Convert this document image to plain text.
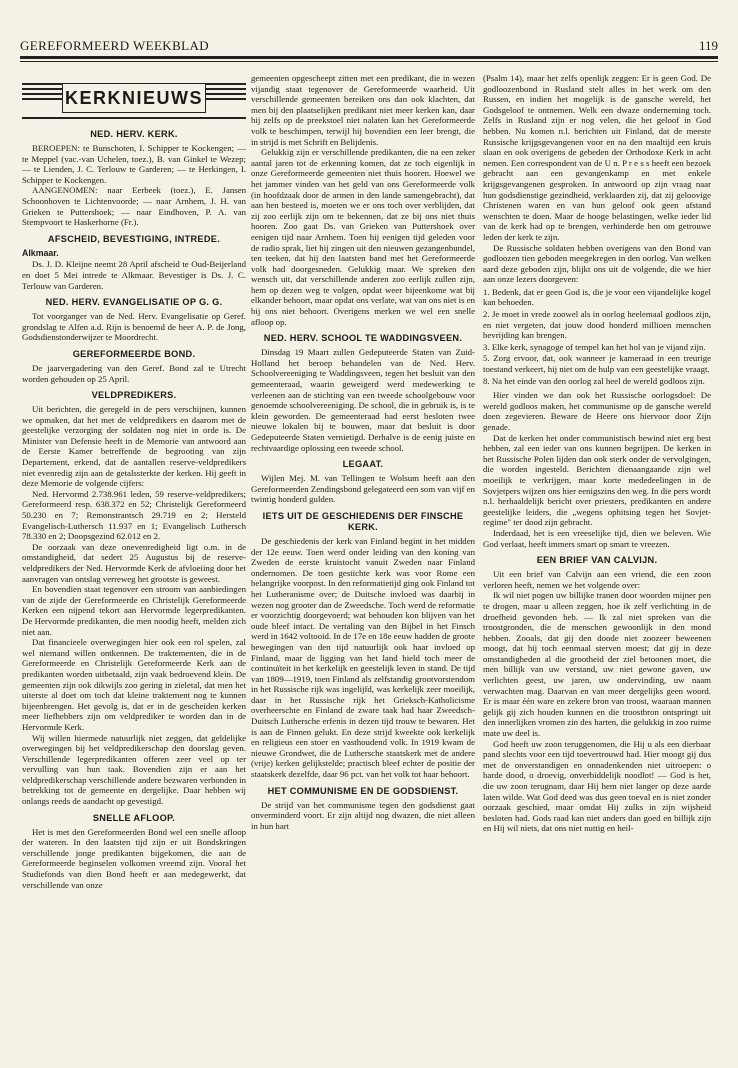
GEREFORMEERD WEEKBLAD	119
KERKNIEUWS
NED. HERV. KERK.

BEROEPEN: te Bunschoten, I. Schipper te Kockengen; — te Meppel (vac.-van Uchelen, toez.), B. van Ginkel te Wezep; — te Lienden, J. C. Terlouw te Garderen; — te Herkingen, I. Schipper te Kockengen.

AANGENOMEN: naar Eerbeek (toez.), E. Jansen Schoonhoven te Lichtenvoorde; — naar Arnhem, J. H. van Grieken te Puttershoek; — naar Eindhoven, P. A. van Stempvoort te Haskerhorne (Fr.).

AFSCHEID, BEVESTIGING, INTREDE.
Alkmaar.

Ds. J. D. Kleijne neemt 28 April afscheid te Oud-Beijerland en doet 5 Mei intrede te Alkmaar. Bevestiger is Ds. J. C. Terlouw van Garderen.

NED. HERV. EVANGELISATIE OP G. G.

Tot voorganger van de Ned. Herv. Evangelisatie op Geref. grondslag te Alfen a.d. Rijn is benoemd de heer A. P. de Jong, Godsdienstonderwijzer te Moordrecht.

GEREFORMEERDE BOND.

De jaarvergadering van den Geref. Bond zal te Utrecht worden gehouden op 25 April.

VELDPREDIKERS.

Uit berichten, die geregeld in de pers verschijnen, kunnen we opmaken, dat het met de veldpredikers en daarom met de geestelijke verzorging der soldaten nog niet in orde is. De Minister van Defensie heeft in de Memorie van antwoord aan de Eerste Kamer betreffende de begrooting van zijn Departement, erkend, dat de aantallen reserve-veldpredikers niet evenredig zijn aan de getalssterkte der kerken. Hij geeft in deze Memorie de volgende cijfers:

Ned. Hervormd 2.738.961 leden, 59 reserve-veldpredikers; Gereformeerd resp. 638.372 en 52; Christelijk Gereformeerd 50.230 en 7; Remonstrantsch 29.719 en 2; Hersteld Evangelisch-Luthersch 11.937 en 1; Evangelisch Luthersch 78.330 en 2; Doopsgezind 62.012 en 2.

De oorzaak van deze onevenredigheid ligt o.m. in de omstandigheid, dat sedert 25 Augustus bij de reserve-veldpredikers der Ned. Hervormde Kerk de afvloeiing door het aanvragen van ontslag verreweg het grootste is geweest.

En bovendien staat tegenover een stroom van aanbiedingen van de zijde der Gereformeerde en Christelijk Gereformeerde Kerken een nijpend tekort aan Hervormde legerpredikanten. De Hervormde predikanten, die men noodig heeft, melden zich niet aan.

Dat financieele overwegingen hier ook een rol spelen, zal wel niemand willen ontkennen. De traktementen, die in de Gereformeerde en Christelijk Gereformeerde Kerk aan de predikanten worden uitbetaald, zijn vaak bedroevend klein. De gemeenten zijn ook dikwijls zoo gering in zieletal, dat men het uiterste al doet om toch dat kleine traktement nog te kunnen bijeenbrengen. Het gevolg is, dat er in de gescheiden kerken meer liefhebbers zijn om veldprediker te worden dan in de Hervormde Kerk.

Wij willen hiermede natuurlijk niet zeggen, dat geldelijke overwegingen bij het veldpredikerschap den doorslag geven. Verschillende legerpredikanten offeren zeer veel op ter vervulling van hun taak. Bovendien zijn er aan het veldpredikerschap verschillende andere bezwaren verbonden in betrekking tot de gemeente en dergelijke. Daar hebben wij onlangs reeds de aandacht op gevestigd.

SNELLE AFLOOP.

Het is met den Gereformeerden Bond wel een snelle afloop der wateren. In den laatsten tijd zijn er uit Bondskringen verschillende jonge predikanten bijgekomen, die aan de Gereformeerde beginselen volkomen vreemd zijn. Vooral het Studiefonds van dien Bond heeft er aan medegewerkt, dat verschillende van onze

gemeenten opgescheept zitten met een predikant, die in wezen vijandig staat tegenover de Gereformeerde waarheid. Uit verschillende gemeenten bereiken ons dan ook klachten, dat men bij den plaatselijken predikant niet meer kerken kan, daar hij zelfs op de preekstoel niet nalaten kan het Gereformeerde volk te beschimpen, terwijl hij bovendien een leer brengt, die in strijd is met Schrift en Belijdenis.

Gelukkig zijn er verschillende predikanten, die na een zeker aantal jaren tot de erkenning komen, dat ze toch eigenlijk in onze Gereformeerde gemeenten niet thuis hooren. Hoewel we het jammer vinden van het geld van ons Gereformeerde volk (in hoofdzaak door de armen in den lande samengebracht), dat aan hen besteed is, moeten we er ons toch over verblijden, dat zij zoo eerlijk zijn om te bekennen, dat ze bij ons niet thuis hooren. Zoo gaat Ds. van Grieken van Puttershoek over eenigen tijd naar Arnhem. Toen hij eenigen tijd geleden voor de radio sprak, liet hij zingen uit den nieuwen gezangenbundel, ten teeken, dat hij den laatsten band met het Gereformeerde volk had doorgesneden. Gelukkig maar. We spreken den wensch uit, dat verschillende anderen zoo eerlijk zullen zijn, hem op dezen weg te volgen, opdat weer bijeenkome wat bij elkander behoort, maar opdat ons verlate, wat van ons niet is en bij ons niet behoort. Overigens merken we wel een snelle afloop op.

NED. HERV. SCHOOL TE WADDINGSVEEN.

Dinsdag 19 Maart zullen Gedeputeerde Staten van Zuid-Holland het beroep behandelen van de Ned. Herv. Schoolvereeniging te Waddingsveen, tegen het besluit van den gemeenteraad, waarin geweigerd werd medewerking te verleenen aan de stichting van een tweede schoolgebouw voor genoemde schoolvereeniging. De school, die in gebruik is, is te klein geworden. De gemeenteraad had eerst besloten twee nieuwe lokalen bij te bouwen, maar dat besluit is door Gedeputeerde Staten vernietigd. Derhalve is de eenig juiste en rechtvaardige oplossing een tweede school.

LEGAAT.

Wijlen Mej. M. van Tellingen te Wolsum heeft aan den Gereformeerden Zendingsbond gelegateerd een som van vijf en twintig honderd gulden.

IETS UIT DE GESCHIEDENIS DER FINSCHE KERK.

De geschiedenis der kerk van Finland begint in het midden der 12e eeuw. Toen werd onder leiding van den koning van Zweden de eerste kruistocht vanuit Zweden naar Finland ondernomen. De toen gestichte kerk was voor Rome een belangrijke voorpost. In den reformatietijd ging ook Finland tot het Lutheranisme over; de Duitsche invloed was daarbij in wezen nog grooter dan de Zweedsche. Toch werd de reformatie er voorzichtig doorgevoerd; wat behouden kon blijven van het oude bleef intact. De vertaling van den Bijbel in het Finsch werd in 1642 voltooid. In de 17e en 18e eeuw hadden de groote bewegingen van den tijd natuurlijk ook haar invloed op Finland, maar de ligging van het land hield toch meer de continuïteit in het kerkelijk en geestelijk leven in stand. De tijd van 1809—1919, toen Finland als zelfstandig grootvorstendom in het Russische rijk was ingelijfd, was kerkelijk zeer moeilijk, daar in het Russische rijk het Grieksch-Katholicisme overheerschte en Finland de zware taak had haar Zweedsch-Duitsch Luthersche erfenis in dezen tijd trouw te bewaren. Het is aan de Finnen gelukt. En deze strijd kweekte ook kerkelijk en religieus een stoer en vasthoudend volk. In 1919 kwam de nieuwe Grondwet, die de Luthersche staatskerk met de andere (vrije) kerken gelijkstelde; practisch bleef echter de positie der staatskerk dezelfde, daar 96 pct. van het volk tot haar behoort.

HET COMMUNISME EN DE GODSDIENST.

De strijd van het communisme tegen den godsdienst gaat onverminderd voort. Er zijn altijd nog dwazen, die niet alleen in hun hart

(Psalm 14), maar het zelfs openlijk zeggen: Er is geen God. De godloozenbond in Rusland stelt alles in het werk om den Russen, en indien het mogelijk is de gansche wereld, het Godsgeloof te ontnemen. Welk een dwaze onderneming toch. Zelfs in Rusland zijn er nog velen, die het geloof in God hebben. Nu komen n.l. berichten uit Finland, dat de meeste Russische krijgsgevangenen voor en na den maaltijd een kruis slaan en ook overigens de gebeden der Orthodoxe Kerk in acht nemen. Een correspondent van de U n. P r e s s heeft een bezoek gebracht aan een gevangenkamp en met enkele krijgsgevangenen gesproken. In antwoord op zijn vraag naar hun godsdienstige gezindheid, verklaarden zij, dat zij geloovige Christenen waren en van hun geloof ook geen afstand wenschten te doen. Maar de hooge belastingen, welke ieder lid van de kerk had op te brengen, verhinderde hen om getrouwe leden der kerk te zijn.

De Russische soldaten hebben overigens van den Bond van godloozen tien geboden meegekregen in den oorlog. Van welken aard deze geboden zijn, blijkt ons uit de volgende, die we hier aan onze lezers doorgeven:

1. Bedenk, dat er geen God is, die je voor een vijandelijke kogel kan behoeden.
2. Je moet in vrede zoowel als in oorlog heelemaal godloos zijn, en niet vergeten, dat jouw dood honderd millioen menschen bevrijding kan brengen.
3. Elke kerk, synagoge of tempel kan het hol van je vijand zijn.
5. Zorg ervoor, dat, ook wanneer je kameraad in een treurige toestand verkeert, hij niet om de hulp van een geestelijke vraagt.
8. Na het einde van den oorlog zal heel de wereld godloos zijn.

Hier vinden we dan ook het Russische oorlogsdoel: De wereld godloos maken, het communisme op de gansche wereld doen zegevieren. Beware de Heere ons hiervoor door Zijn genade.

Dat de kerken het onder communistisch bewind niet erg best hebben, zal een ieder van ons kunnen begrijpen. De kerken in het Russische Polen lijden dan ook sterk onder de vervolgingen, die worden ingesteld. Berichten dienaangaande zijn wel moeilijk te verkrijgen, maar korte mededeelingen in de Sovjetpers wijzen ons hier eenigszins den weg. In die pers wordt n.l. herhaaldelijk bericht over priesters, predikanten en andere geestelijke leiders, die „wegens ophitsing tegen het Sovjet-regime" ter dood zijn gebracht.

Inderdaad, het is een vreeselijke tijd, dien we beleven. Wie God verlaat, heeft immers smart op smart te vreezen.

EEN BRIEF VAN CALVIJN.

Uit een brief van Calvijn aan een vriend, die een zoon verloren heeft, nemen we het volgende over:

Ik wil niet pogen uw billijke tranen door woorden mijner pen te drogen, maar u alleen zeggen, hoe ik zelf verlichting in de droefheid gevonden heb. — Ik zal niet spreken van die troostgronden, die de menschen gewoonlijk in den mond hebben. Zooals, dat gij den doode niet zoozeer beweenen moogt, dat hij toch eenmaal sterven moest; dat gij in deze omstandigheden al die grootheid der ziel betoonen moet, die men billijk van uw verstand, uw niet gewone gaven, uw verlichten geest, uw jaren, uw ondervinding, uw naam verwachten mag. Daarvan en van meer dergelijks geen woord. Er is maar één ware en zekere bron van troost, waaraan mannen gelijk gij zich houden kunnen en die troostbron ontspringt uit den innerlijken vromen zin des harten, die gelukkig in zoo ruime mate uw deel is.

God heeft uw zoon teruggenomen, die Hij u als een dierbaar pand slechts voor een tijd toevertrouwd had. Hier moogt gij dus met de onverstandigen en onnadenkenden niet uitroepen: o harde dood, o droevig, onverbiddelijk noodlot! — God is het, die uw zoon terugnam, daar Hij hem niet langer op deze aarde laten wilde. Wat God deed was dus geen toeval en is niet zonder oorzaak geschied, maar omdat Hij zulks in zijn wijsheid besloten had. Gods raad kan niet anders dan goed en billijk zijn en Hij wil niets, dat ons niet nuttig en heil-
